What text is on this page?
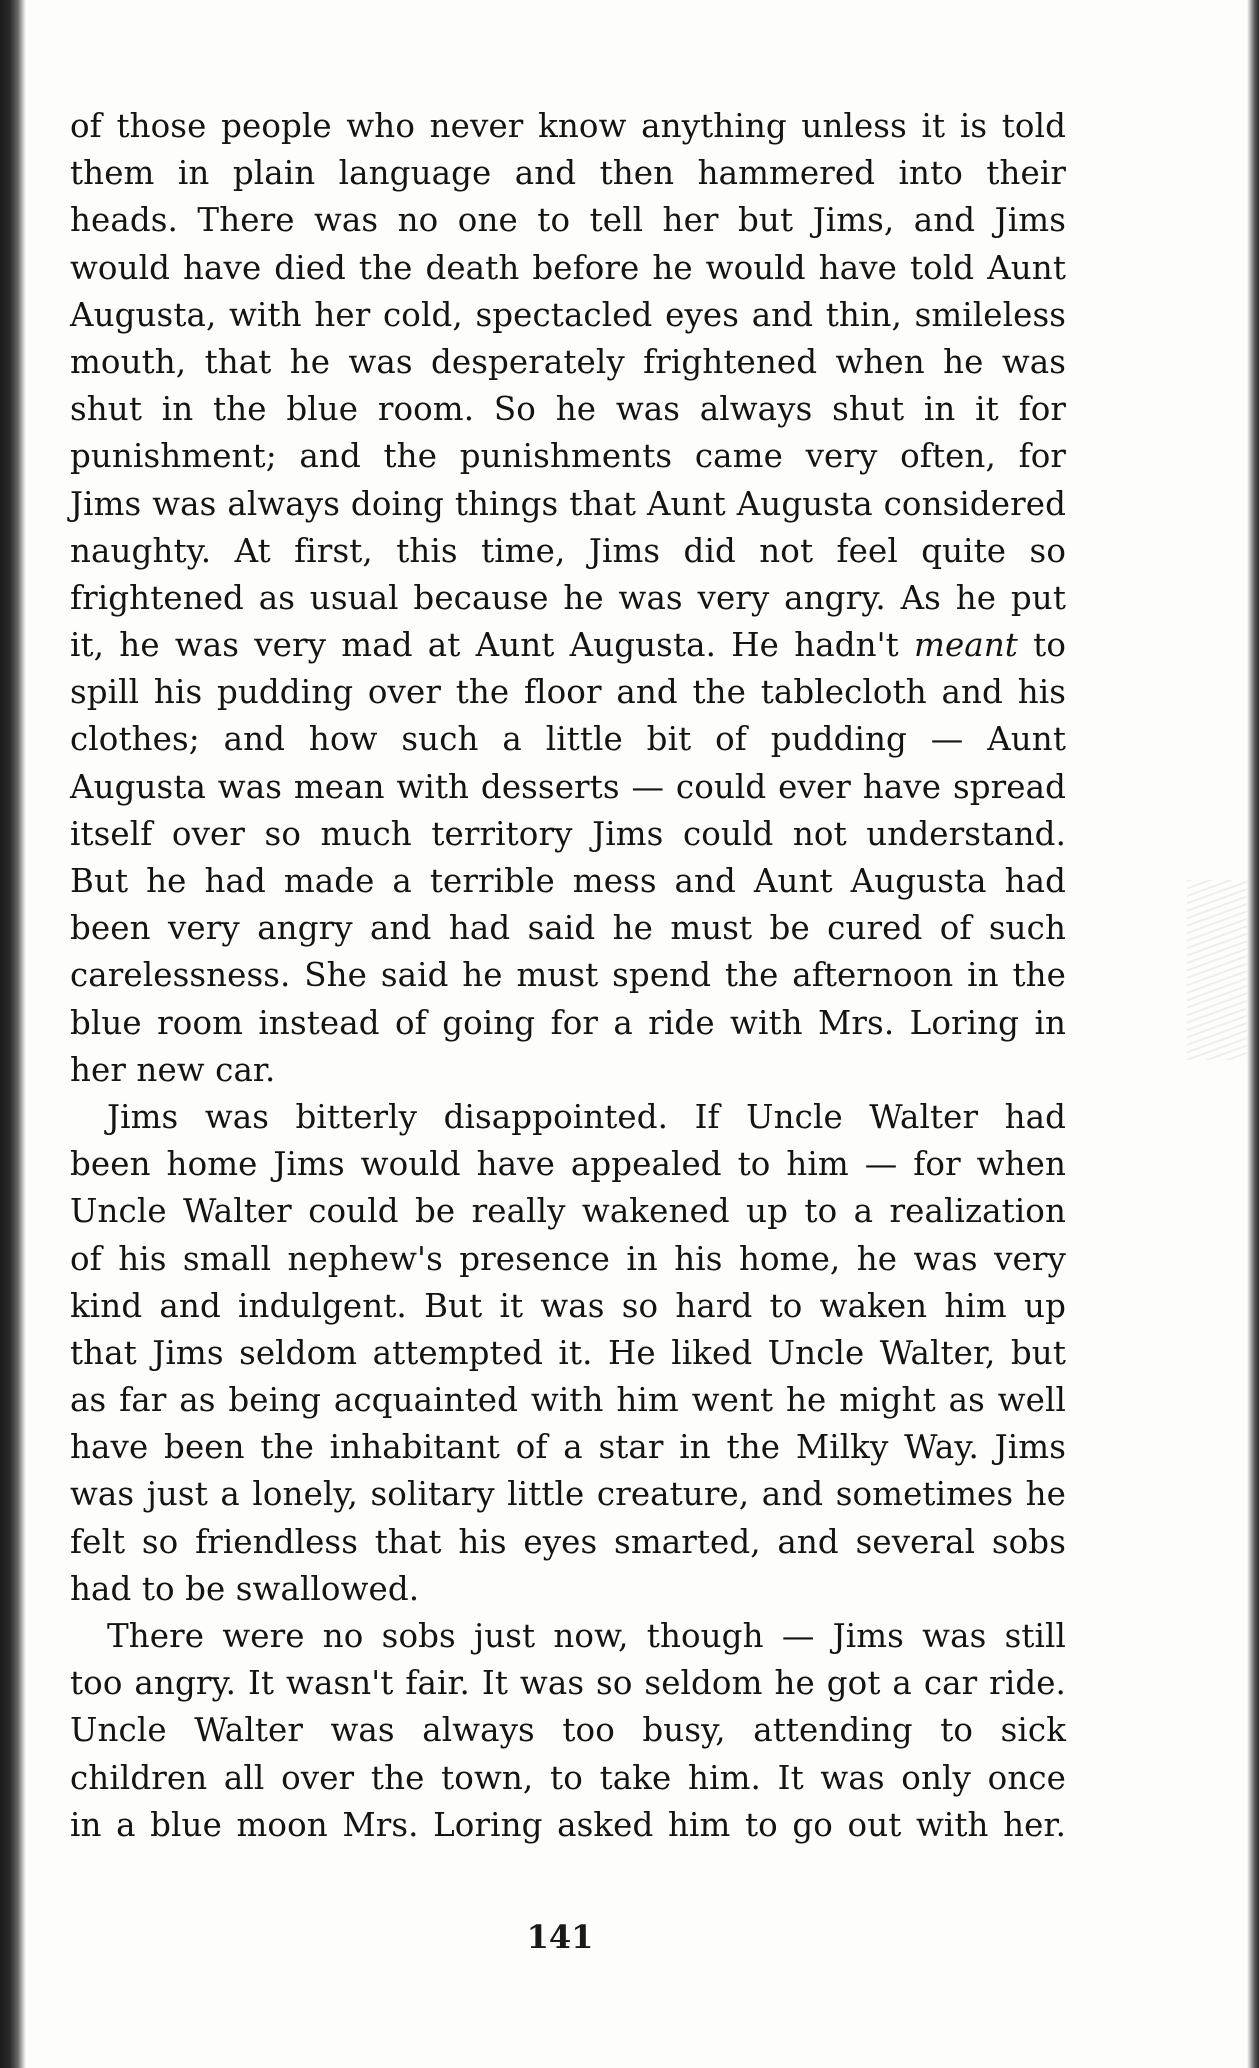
of those people who never know anything unless it is told
them in plain language and then hammered into their
heads. There was no one to tell her but Jims, and Jims
would have died the death before he would have told Aunt
Augusta, with her cold, spectacled eyes and thin, smileless
mouth, that he was desperately frightened when he was
shut in the blue room. So he was always shut in it for
punishment; and the punishments came very often, for
Jims was always doing things that Aunt Augusta considered
naughty. At first, this time, Jims did not feel quite so
frightened as usual because he was very angry. As he put
it, he was very mad at Aunt Augusta. He hadn't meant to
spill his pudding over the floor and the tablecloth and his
clothes; and how such a little bit of pudding — Aunt
Augusta was mean with desserts — could ever have spread
itself over so much territory Jims could not understand.
But he had made a terrible mess and Aunt Augusta had
been very angry and had said he must be cured of such
carelessness. She said he must spend the afternoon in the
blue room instead of going for a ride with Mrs. Loring in
her new car.
Jims was bitterly disappointed. If Uncle Walter had
been home Jims would have appealed to him — for when
Uncle Walter could be really wakened up to a realization
of his small nephew's presence in his home, he was very
kind and indulgent. But it was so hard to waken him up
that Jims seldom attempted it. He liked Uncle Walter, but
as far as being acquainted with him went he might as well
have been the inhabitant of a star in the Milky Way. Jims
was just a lonely, solitary little creature, and sometimes he
felt so friendless that his eyes smarted, and several sobs
had to be swallowed.
There were no sobs just now, though — Jims was still
too angry. It wasn't fair. It was so seldom he got a car ride.
Uncle Walter was always too busy, attending to sick
children all over the town, to take him. It was only once
in a blue moon Mrs. Loring asked him to go out with her.
141
